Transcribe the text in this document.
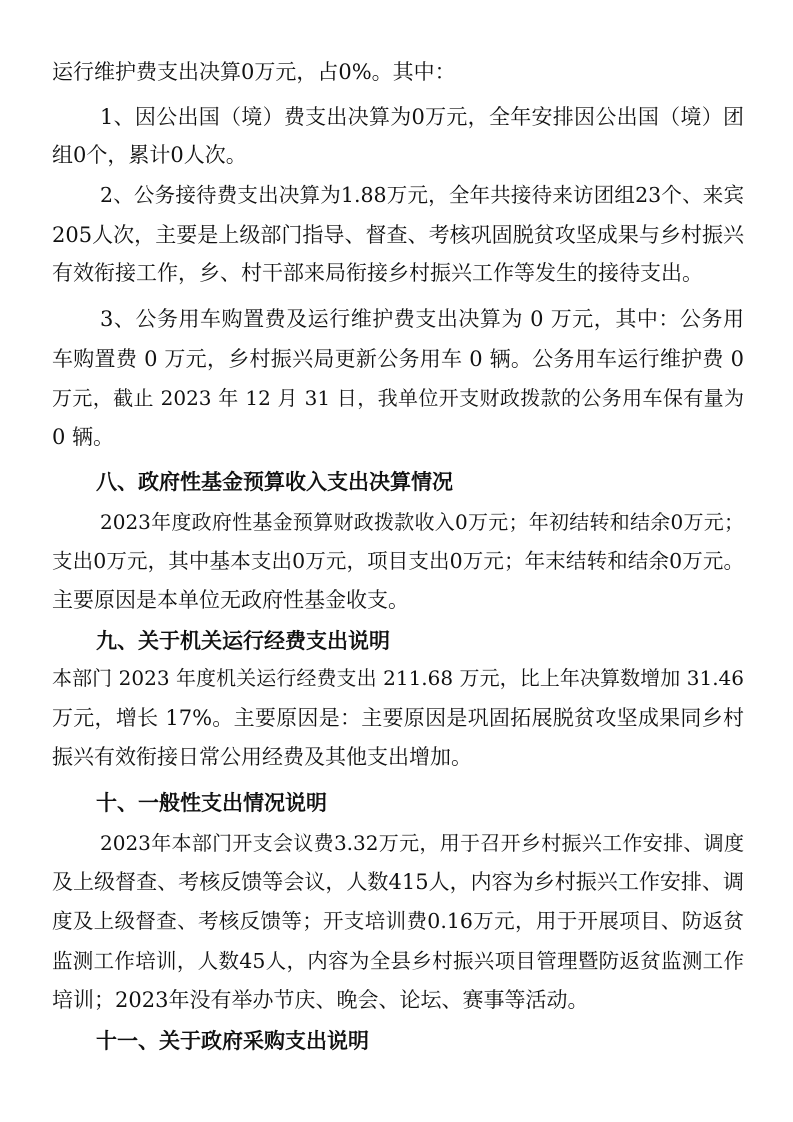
运行维护费支出决算0万元，占0%。其中：
1、因公出国（境）费支出决算为0万元，全年安排因公出国（境）团
组0个，累计0人次。
2、公务接待费支出决算为1.88万元，全年共接待来访团组23个、来宾
205人次，主要是上级部门指导、督查、考核巩固脱贫攻坚成果与乡村振兴
有效衔接工作，乡、村干部来局衔接乡村振兴工作等发生的接待支出。
3、公务用车购置费及运行维护费支出决算为 0 万元，其中：公务用
车购置费 0 万元，乡村振兴局更新公务用车 0 辆。公务用车运行维护费 0
万元，截止 2023 年 12 月 31 日，我单位开支财政拨款的公务用车保有量为
0 辆。
八、政府性基金预算收入支出决算情况
2023年度政府性基金预算财政拨款收入0万元；年初结转和结余0万元；
支出0万元，其中基本支出0万元，项目支出0万元；年末结转和结余0万元。
主要原因是本单位无政府性基金收支。
九、关于机关运行经费支出说明
本部门 2023 年度机关运行经费支出 211.68 万元，比上年决算数增加 31.46
万元，增长 17%。主要原因是：主要原因是巩固拓展脱贫攻坚成果同乡村
振兴有效衔接日常公用经费及其他支出增加。
十、一般性支出情况说明
2023年本部门开支会议费3.32万元，用于召开乡村振兴工作安排、调度
及上级督查、考核反馈等会议，人数415人，内容为乡村振兴工作安排、调
度及上级督查、考核反馈等；开支培训费0.16万元，用于开展项目、防返贫
监测工作培训，人数45人，内容为全县乡村振兴项目管理暨防返贫监测工作
培训；2023年没有举办节庆、晚会、论坛、赛事等活动。
十一、关于政府采购支出说明
